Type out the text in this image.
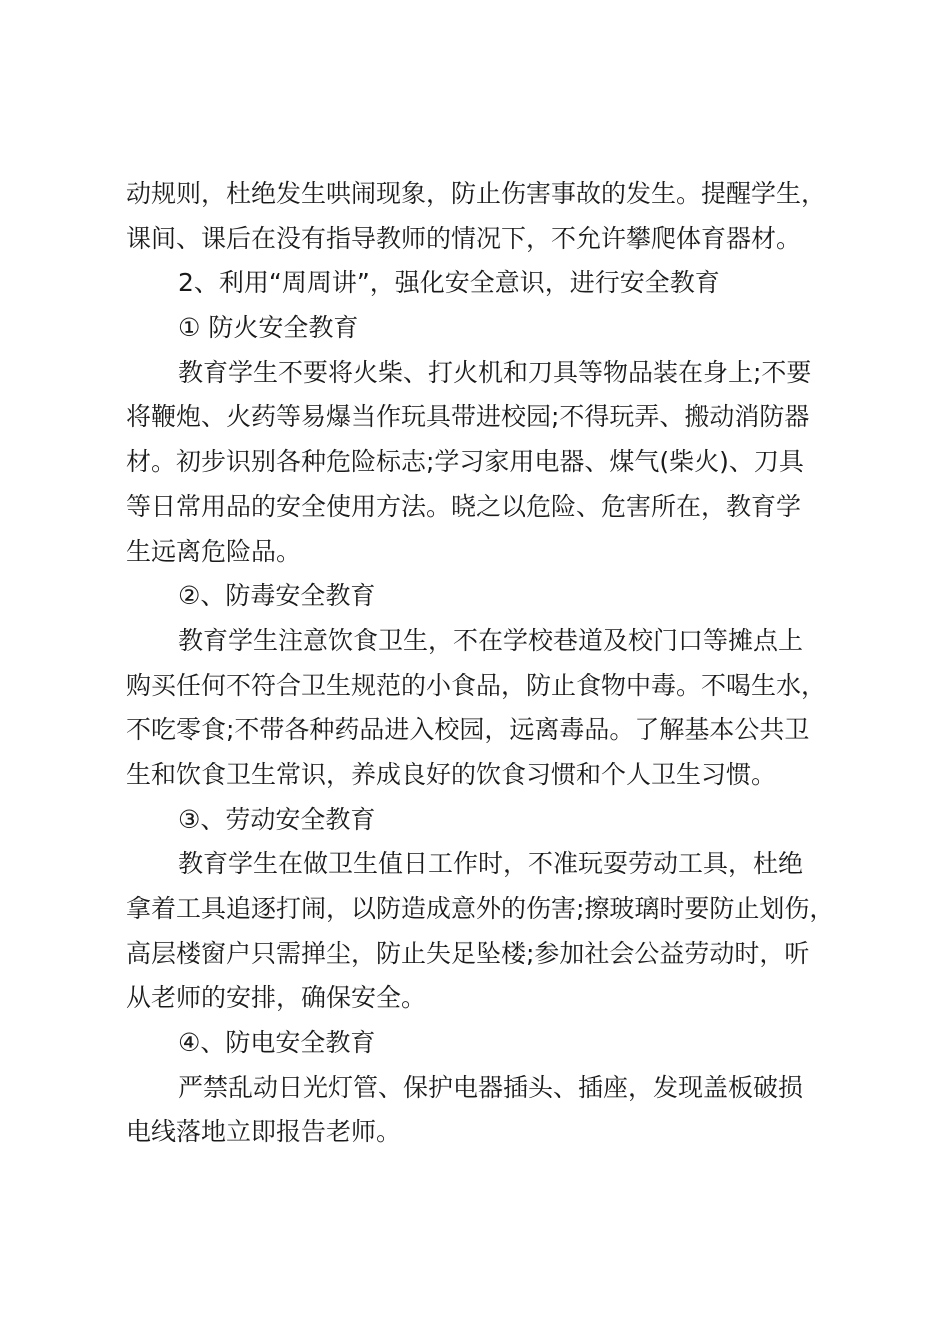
动规则，杜绝发生哄闹现象，防止伤害事故的发生。提醒学生，
课间、课后在没有指导教师的情况下，不允许攀爬体育器材。
2、利用“周周讲”，强化安全意识，进行安全教育
① 防火安全教育
教育学生不要将火柴、打火机和刀具等物品装在身上;不要
将鞭炮、火药等易爆当作玩具带进校园;不得玩弄、搬动消防器
材。初步识别各种危险标志;学习家用电器、煤气(柴火)、刀具
等日常用品的安全使用方法。晓之以危险、危害所在，教育学
生远离危险品。
②、防毒安全教育
教育学生注意饮食卫生，不在学校巷道及校门口等摊点上
购买任何不符合卫生规范的小食品，防止食物中毒。不喝生水，
不吃零食;不带各种药品进入校园，远离毒品。了解基本公共卫
生和饮食卫生常识，养成良好的饮食习惯和个人卫生习惯。
③、劳动安全教育
教育学生在做卫生值日工作时，不准玩耍劳动工具，杜绝
拿着工具追逐打闹，以防造成意外的伤害;擦玻璃时要防止划伤，
高层楼窗户只需掸尘，防止失足坠楼;参加社会公益劳动时，听
从老师的安排，确保安全。
④、防电安全教育
严禁乱动日光灯管、保护电器插头、插座，发现盖板破损
电线落地立即报告老师。
